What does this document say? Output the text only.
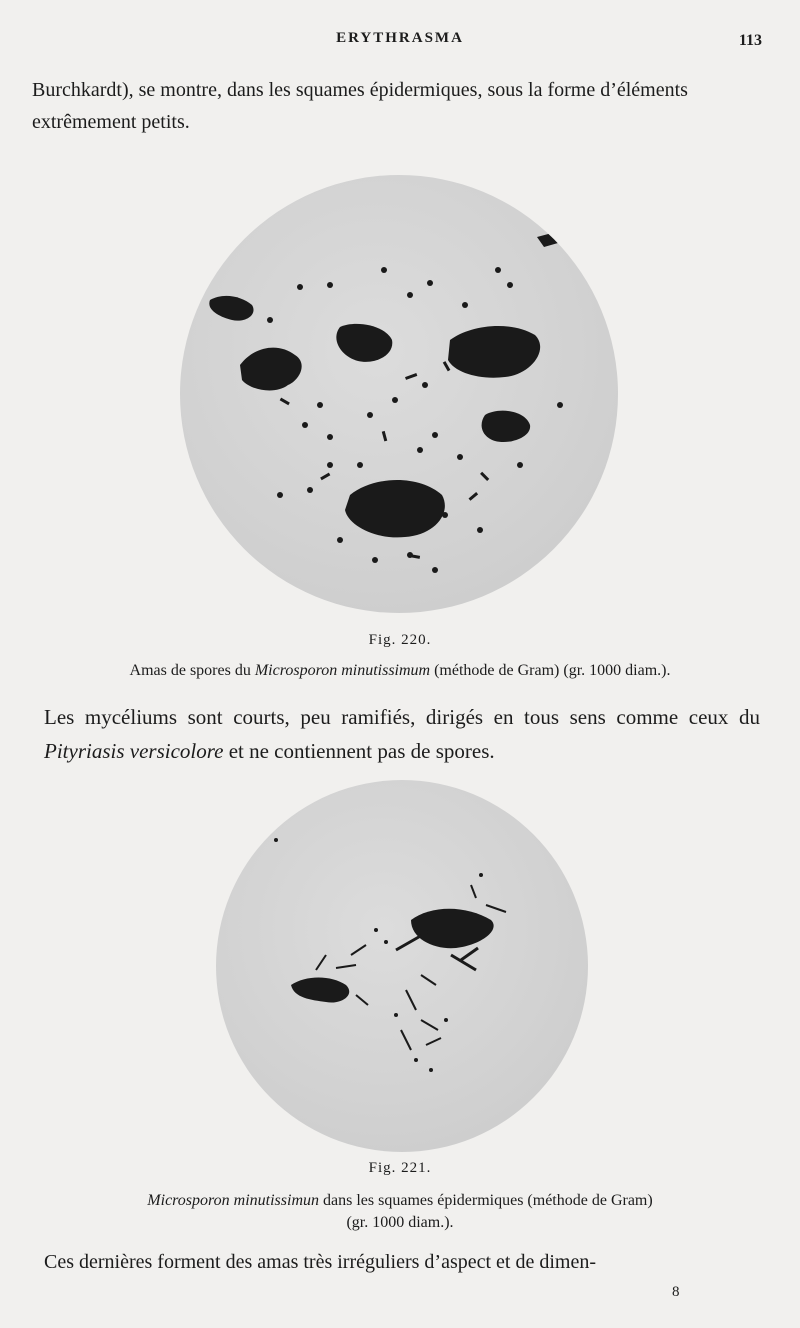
ERYTHRASMA	113

Burchkardt), se montre, dans les squames épidermiques, sous la forme d’éléments extrêmement petits.

Fig. 220.
Amas de spores du Microsporon minutissimum (méthode de Gram) (gr. 1000 diam.).

Les mycéliums sont courts, peu ramifiés, dirigés en tous sens comme ceux du Pityriasis versicolore et ne contiennent pas de spores.

Fig. 221.
Microsporon minutissimun dans les squames épidermiques (méthode de Gram)
(gr. 1000 diam.).

Ces dernières forment des amas très irréguliers d’aspect et de dimen-

8
